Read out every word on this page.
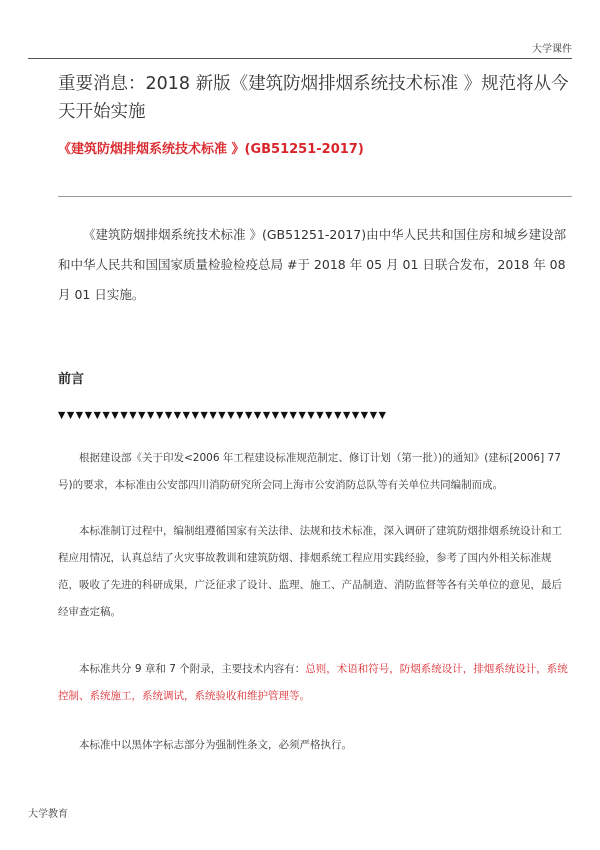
大学课件
重要消息：2018 新版《建筑防烟排烟系统技术标准 》规范将从今天开始实施
《建筑防烟排烟系统技术标准 》(GB51251-2017)

《建筑防烟排烟系统技术标准 》(GB51251-2017)由中华人民共和国住房和城乡建设部和中华人民共和国国家质量检验检疫总局 #于 2018 年 05 月 01 日联合发布，2018 年 08 月 01 日实施。

前言
▼▼▼▼▼▼▼▼▼▼▼▼▼▼▼▼▼▼▼▼▼▼▼▼▼▼▼▼▼▼▼▼▼▼▼▼▼

根据建设部《关于印发<2006 年工程建设标准规范制定、修订计划（第一批）)的通知》(建标[2006] 77 号)的要求，本标准由公安部四川消防研究所会同上海市公安消防总队等有关单位共同编制而成。

本标准制订过程中，编制组遵循国家有关法律、法规和技术标准，深入调研了建筑防烟排烟系统设计和工程应用情况，认真总结了火灾事故教训和建筑防烟、排烟系统工程应用实践经验，参考了国内外相关标准规范，吸收了先进的科研成果，广泛征求了设计、监理、施工、产品制造、消防监督等各有关单位的意见，最后经审查定稿。

本标准共分 9 章和 7 个附录，主要技术内容有：总则，术语和符号，防烟系统设计，排烟系统设计，系统控制、系统施工，系统调试，系统验收和维护管理等。

本标准中以黑体字标志部分为强制性条文，必须严格执行。

大学教育
